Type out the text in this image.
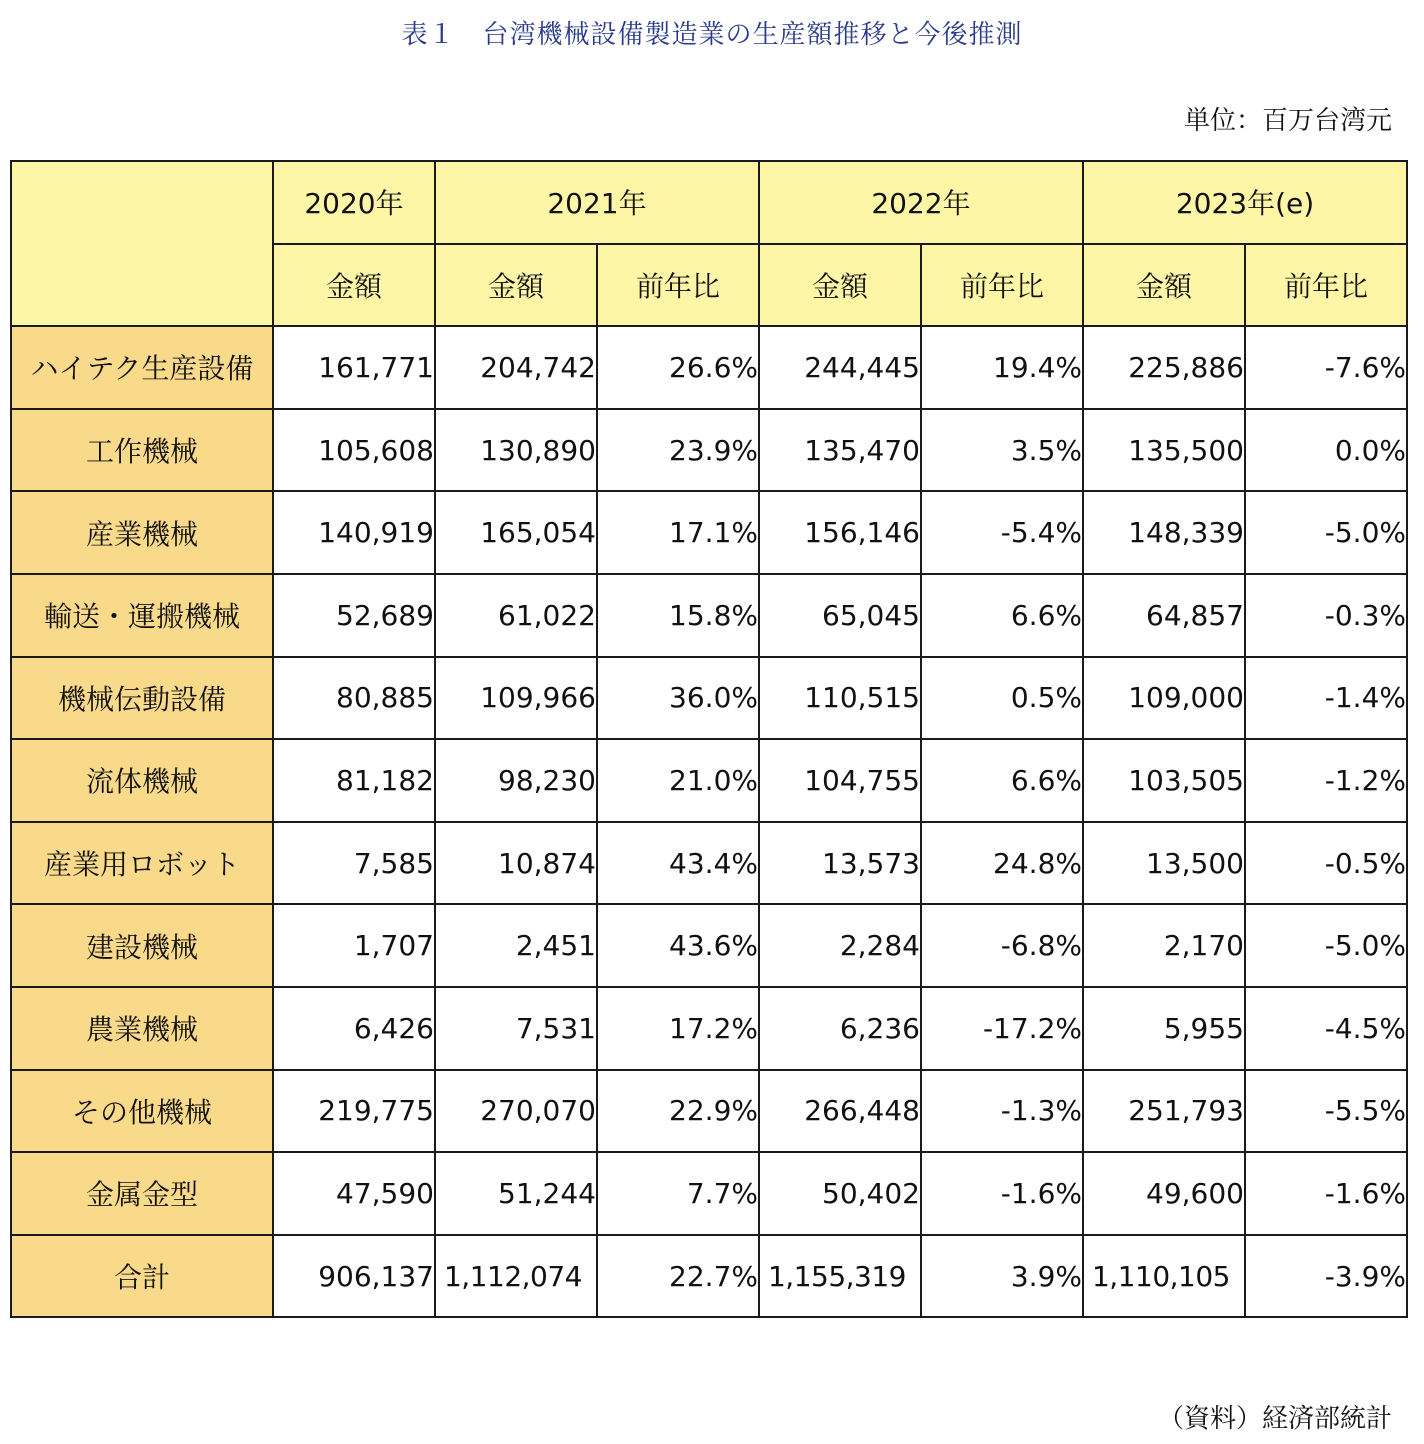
表１　台湾機械設備製造業の生産額推移と今後推測
単位：百万台湾元
	2020年	2021年		2022年		2023年(e)	
	金額	金額	前年比	金額	前年比	金額	前年比
ハイテク生産設備	161,771	204,742	26.6%	244,445	19.4%	225,886	-7.6%
工作機械	105,608	130,890	23.9%	135,470	3.5%	135,500	0.0%
産業機械	140,919	165,054	17.1%	156,146	-5.4%	148,339	-5.0%
輸送・運搬機械	52,689	61,022	15.8%	65,045	6.6%	64,857	-0.3%
機械伝動設備	80,885	109,966	36.0%	110,515	0.5%	109,000	-1.4%
流体機械	81,182	98,230	21.0%	104,755	6.6%	103,505	-1.2%
産業用ロボット	7,585	10,874	43.4%	13,573	24.8%	13,500	-0.5%
建設機械	1,707	2,451	43.6%	2,284	-6.8%	2,170	-5.0%
農業機械	6,426	7,531	17.2%	6,236	-17.2%	5,955	-4.5%
その他機械	219,775	270,070	22.9%	266,448	-1.3%	251,793	-5.5%
金属金型	47,590	51,244	7.7%	50,402	-1.6%	49,600	-1.6%
合計	906,137	1,112,074	22.7%	1,155,319	3.9%	1,110,105	-3.9%
（資料）経済部統計
